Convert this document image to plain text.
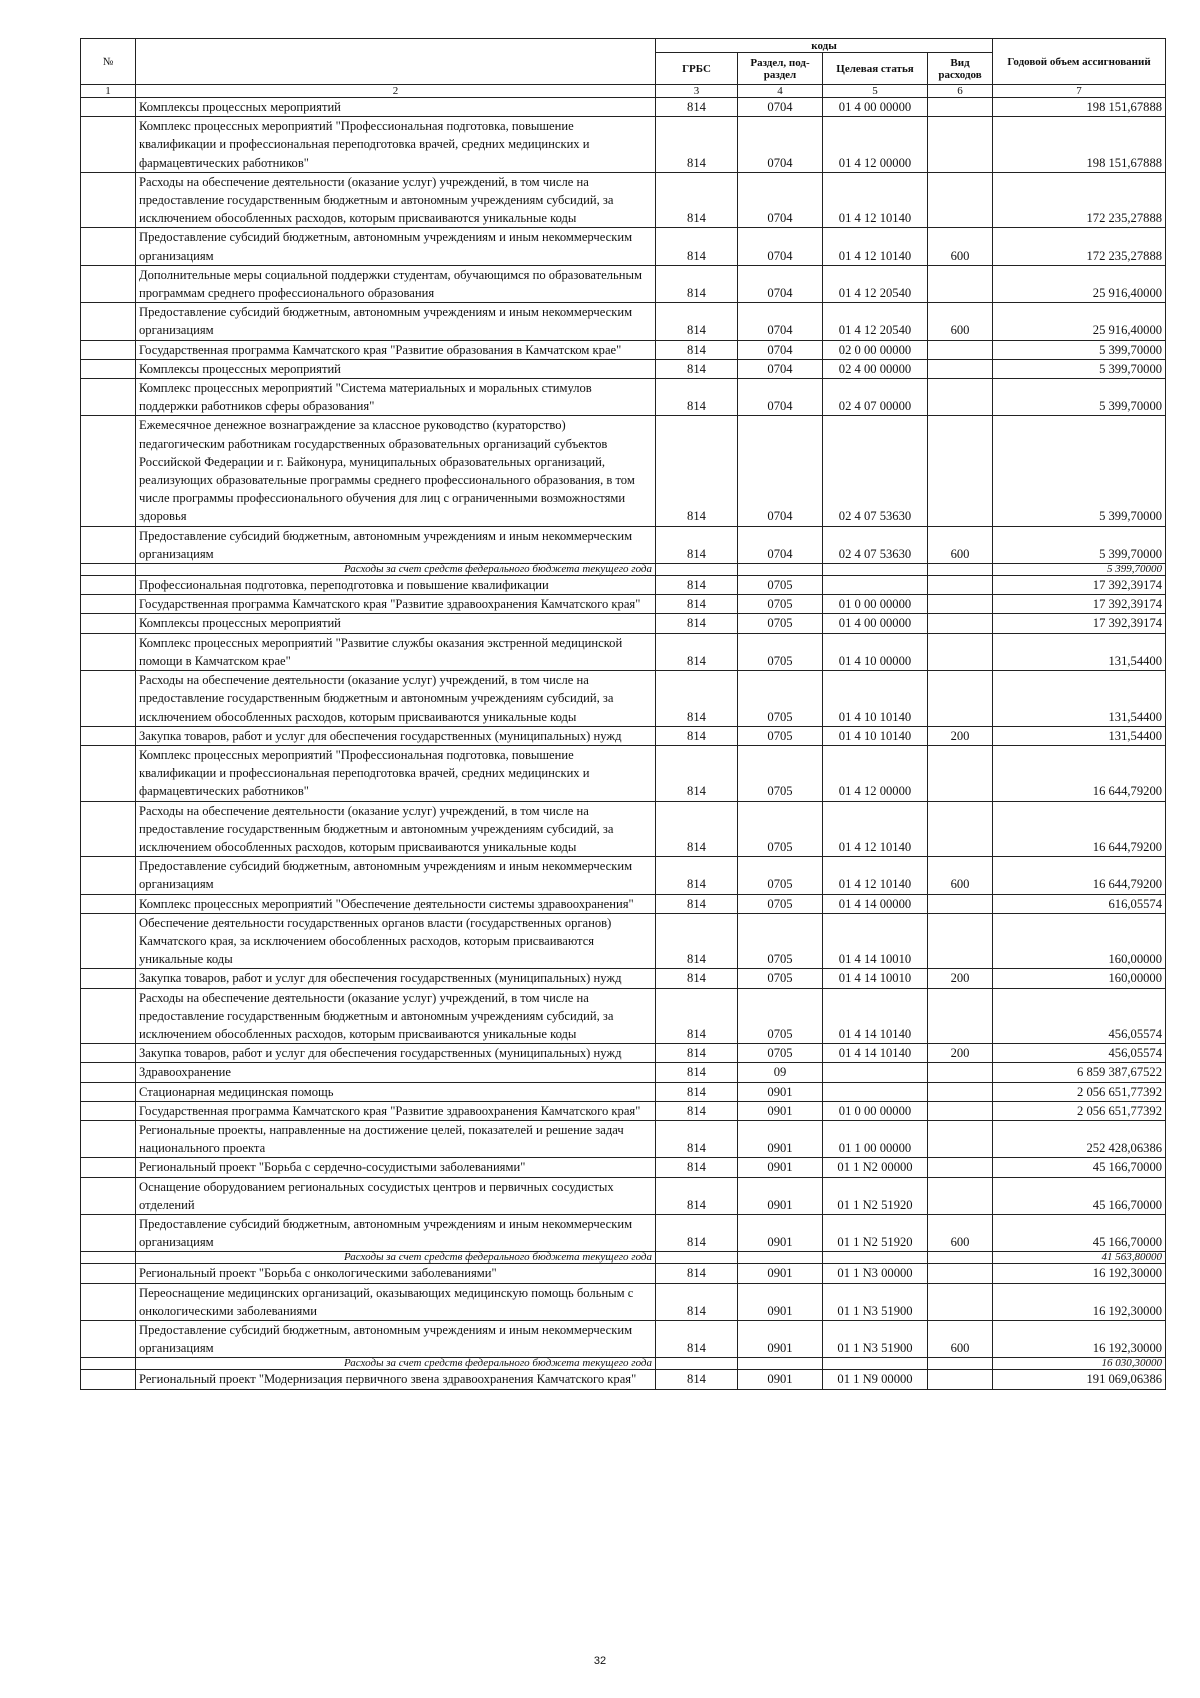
№		коды				Годовой объем ассигнований
		ГРБС	Раздел, под-раздел	Целевая статья	Вид расходов	
1	2	3	4	5	6	7
	Комплексы процессных мероприятий	814	0704	01 4 00 00000		198 151,67888
	Комплекс процессных мероприятий "Профессиональная подготовка, повышение квалификации и профессиональная переподготовка врачей, средних медицинских и фармацевтических работников"	814	0704	01 4 12 00000		198 151,67888
	Расходы на обеспечение деятельности (оказание услуг) учреждений, в том числе на предоставление государственным бюджетным и автономным учреждениям субсидий, за исключением обособленных расходов, которым присваиваются уникальные коды	814	0704	01 4 12 10140		172 235,27888
	Предоставление субсидий бюджетным, автономным учреждениям и иным некоммерческим организациям	814	0704	01 4 12 10140	600	172 235,27888
	Дополнительные меры социальной поддержки студентам, обучающимся по образовательным программам среднего профессионального образования	814	0704	01 4 12 20540		25 916,40000
	Предоставление субсидий бюджетным, автономным учреждениям и иным некоммерческим организациям	814	0704	01 4 12 20540	600	25 916,40000
	Государственная программа Камчатского края "Развитие образования в Камчатском крае"	814	0704	02 0 00 00000		5 399,70000
	Комплексы процессных мероприятий	814	0704	02 4 00 00000		5 399,70000
	Комплекс процессных мероприятий "Система материальных и моральных стимулов поддержки работников сферы образования"	814	0704	02 4 07 00000		5 399,70000
	Ежемесячное денежное вознаграждение за классное руководство (кураторство) педагогическим работникам государственных образовательных организаций субъектов Российской Федерации и г. Байконура, муниципальных образовательных организаций, реализующих образовательные программы среднего профессионального образования, в том числе программы профессионального обучения для лиц с ограниченными возможностями здоровья	814	0704	02 4 07 53630		5 399,70000
	Предоставление субсидий бюджетным, автономным учреждениям и иным некоммерческим организациям	814	0704	02 4 07 53630	600	5 399,70000
	Расходы за счет средств федерального бюджета текущего года					5 399,70000
	Профессиональная подготовка, переподготовка и повышение квалификации	814	0705			17 392,39174
	Государственная программа Камчатского края "Развитие здравоохранения Камчатского края"	814	0705	01 0 00 00000		17 392,39174
	Комплексы процессных мероприятий	814	0705	01 4 00 00000		17 392,39174
	Комплекс процессных мероприятий "Развитие службы оказания экстренной медицинской помощи в Камчатском крае"	814	0705	01 4 10 00000		131,54400
	Расходы на обеспечение деятельности (оказание услуг) учреждений, в том числе на предоставление государственным бюджетным и автономным учреждениям субсидий, за исключением обособленных расходов, которым присваиваются уникальные коды	814	0705	01 4 10 10140		131,54400
	Закупка товаров, работ и услуг для обеспечения государственных (муниципальных) нужд	814	0705	01 4 10 10140	200	131,54400
	Комплекс процессных мероприятий "Профессиональная подготовка, повышение квалификации и профессиональная переподготовка врачей, средних медицинских и фармацевтических работников"	814	0705	01 4 12 00000		16 644,79200
	Расходы на обеспечение деятельности (оказание услуг) учреждений, в том числе на предоставление государственным бюджетным и автономным учреждениям субсидий, за исключением обособленных расходов, которым присваиваются уникальные коды	814	0705	01 4 12 10140		16 644,79200
	Предоставление субсидий бюджетным, автономным учреждениям и иным некоммерческим организациям	814	0705	01 4 12 10140	600	16 644,79200
	Комплекс процессных мероприятий "Обеспечение деятельности системы здравоохранения"	814	0705	01 4 14 00000		616,05574
	Обеспечение деятельности государственных органов власти (государственных органов) Камчатского края, за исключением обособленных расходов, которым присваиваются уникальные коды	814	0705	01 4 14 10010		160,00000
	Закупка товаров, работ и услуг для обеспечения государственных (муниципальных) нужд	814	0705	01 4 14 10010	200	160,00000
	Расходы на обеспечение деятельности (оказание услуг) учреждений, в том числе на предоставление государственным бюджетным и автономным учреждениям субсидий, за исключением обособленных расходов, которым присваиваются уникальные коды	814	0705	01 4 14 10140		456,05574
	Закупка товаров, работ и услуг для обеспечения государственных (муниципальных) нужд	814	0705	01 4 14 10140	200	456,05574
	Здравоохранение	814	09			6 859 387,67522
	Стационарная медицинская помощь	814	0901			2 056 651,77392
	Государственная программа Камчатского края "Развитие здравоохранения Камчатского края"	814	0901	01 0 00 00000		2 056 651,77392
	Региональные проекты, направленные на достижение целей, показателей и решение задач национального проекта	814	0901	01 1 00 00000		252 428,06386
	Региональный проект "Борьба с сердечно-сосудистыми заболеваниями"	814	0901	01 1 N2 00000		45 166,70000
	Оснащение оборудованием региональных сосудистых центров и первичных сосудистых отделений	814	0901	01 1 N2 51920		45 166,70000
	Предоставление субсидий бюджетным, автономным учреждениям и иным некоммерческим организациям	814	0901	01 1 N2 51920	600	45 166,70000
	Расходы за счет средств федерального бюджета текущего года					41 563,80000
	Региональный проект "Борьба с онкологическими заболеваниями"	814	0901	01 1 N3 00000		16 192,30000
	Переоснащение медицинских организаций, оказывающих медицинскую помощь больным с онкологическими заболеваниями	814	0901	01 1 N3 51900		16 192,30000
	Предоставление субсидий бюджетным, автономным учреждениям и иным некоммерческим организациям	814	0901	01 1 N3 51900	600	16 192,30000
	Расходы за счет средств федерального бюджета текущего года					16 030,30000
	Региональный проект "Модернизация первичного звена здравоохранения Камчатского края"	814	0901	01 1 N9 00000		191 069,06386
32
